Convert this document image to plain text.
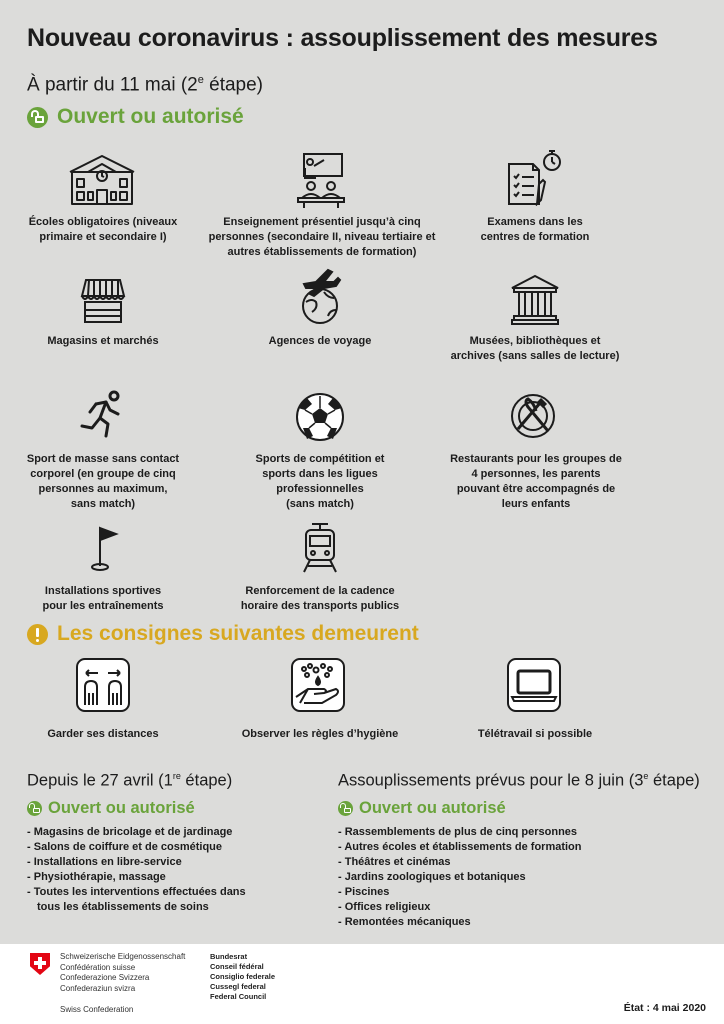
Nouveau coronavirus : assouplissement des mesures
À partir du 11 mai (2e étape)
Ouvert ou autorisé
Écoles obligatoires (niveaux
primaire et secondaire I)
Enseignement présentiel jusqu’à cinq
personnes (secondaire II, niveau tertiaire et
autres établissements de formation)
Examens dans les
centres de formation
Magasins et marchés	Agences de voyage	Musées, bibliothèques et
archives (sans salles de lecture)
Sport de masse sans contact
corporel (en groupe de cinq
personnes au maximum,
sans match)
Sports de compétition et
sports dans les ligues
professionnelles
(sans match)
Restaurants pour les groupes de
4 personnes, les parents
pouvant être accompagnés de
leurs enfants
Installations sportives
pour les entraînements
Renforcement de la cadence
horaire des transports publics
Les consignes suivantes demeurent
Garder ses distances	Observer les règles d’hygiène	Télétravail si possible
Depuis le 27 avril (1re étape)
Ouvert ou autorisé
- Magasins de bricolage et de jardinage
- Salons de coiffure et de cosmétique
- Installations en libre-service
- Physiothérapie, massage
- Toutes les interventions effectuées dans tous les établissements de soins
Assouplissements prévus pour le 8 juin (3e étape)
Ouvert ou autorisé
- Rassemblements de plus de cinq personnes
- Autres écoles et établissements de formation
- Théâtres et cinémas
- Jardins zoologiques et botaniques
- Piscines
- Offices religieux
- Remontées mécaniques
Schweizerische Eidgenossenschaft
Confédération suisse
Confederazione Svizzera
Confederaziun svizra
Swiss Confederation
Bundesrat
Conseil fédéral
Consiglio federale
Cussegl federal
Federal Council
État : 4 mai 2020
